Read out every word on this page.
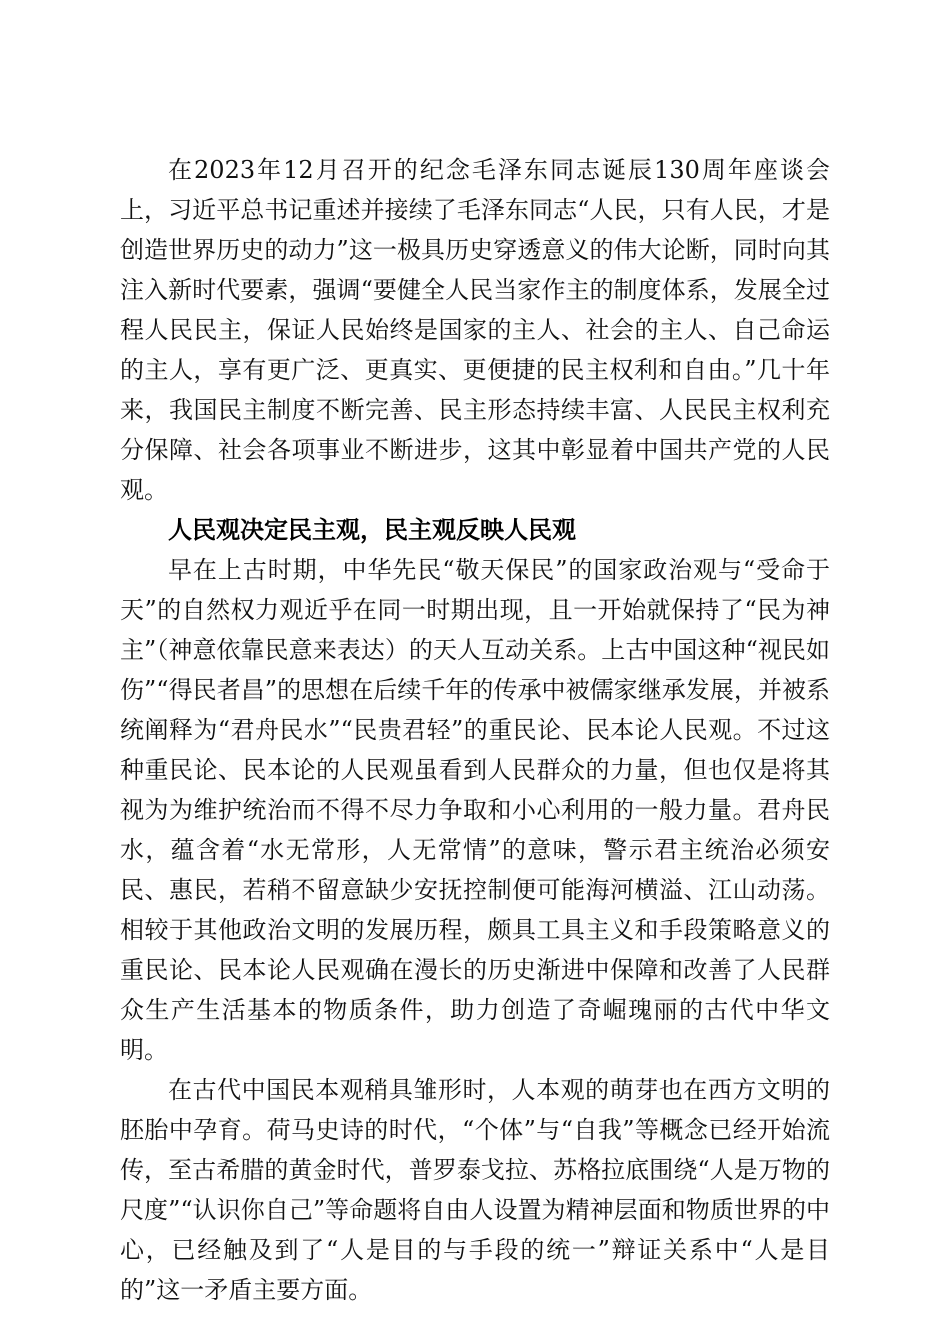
在2023年12月召开的纪念毛泽东同志诞辰130周年座谈会上，习近平总书记重述并接续了毛泽东同志“人民，只有人民，才是创造世界历史的动力”这一极具历史穿透意义的伟大论断，同时向其注入新时代要素，强调“要健全人民当家作主的制度体系，发展全过程人民民主，保证人民始终是国家的主人、社会的主人、自己命运的主人，享有更广泛、更真实、更便捷的民主权利和自由。”几十年来，我国民主制度不断完善、民主形态持续丰富、人民民主权利充分保障、社会各项事业不断进步，这其中彰显着中国共产党的人民观。

人民观决定民主观，民主观反映人民观

早在上古时期，中华先民“敬天保民”的国家政治观与“受命于天”的自然权力观近乎在同一时期出现，且一开始就保持了“民为神主”（神意依靠民意来表达）的天人互动关系。上古中国这种“视民如伤”“得民者昌”的思想在后续千年的传承中被儒家继承发展，并被系统阐释为“君舟民水”“民贵君轻”的重民论、民本论人民观。不过这种重民论、民本论的人民观虽看到人民群众的力量，但也仅是将其视为为维护统治而不得不尽力争取和小心利用的一般力量。君舟民水，蕴含着“水无常形，人无常情”的意味，警示君主统治必须安民、惠民，若稍不留意缺少安抚控制便可能海河横溢、江山动荡。相较于其他政治文明的发展历程，颇具工具主义和手段策略意义的重民论、民本论人民观确在漫长的历史渐进中保障和改善了人民群众生产生活基本的物质条件，助力创造了奇崛瑰丽的古代中华文明。

在古代中国民本观稍具雏形时，人本观的萌芽也在西方文明的胚胎中孕育。荷马史诗的时代，“个体”与“自我”等概念已经开始流传，至古希腊的黄金时代，普罗泰戈拉、苏格拉底围绕“人是万物的尺度”“认识你自己”等命题将自由人设置为精神层面和物质世界的中心，已经触及到了“人是目的与手段的统一”辩证关系中“人是目的”这一矛盾主要方面。
